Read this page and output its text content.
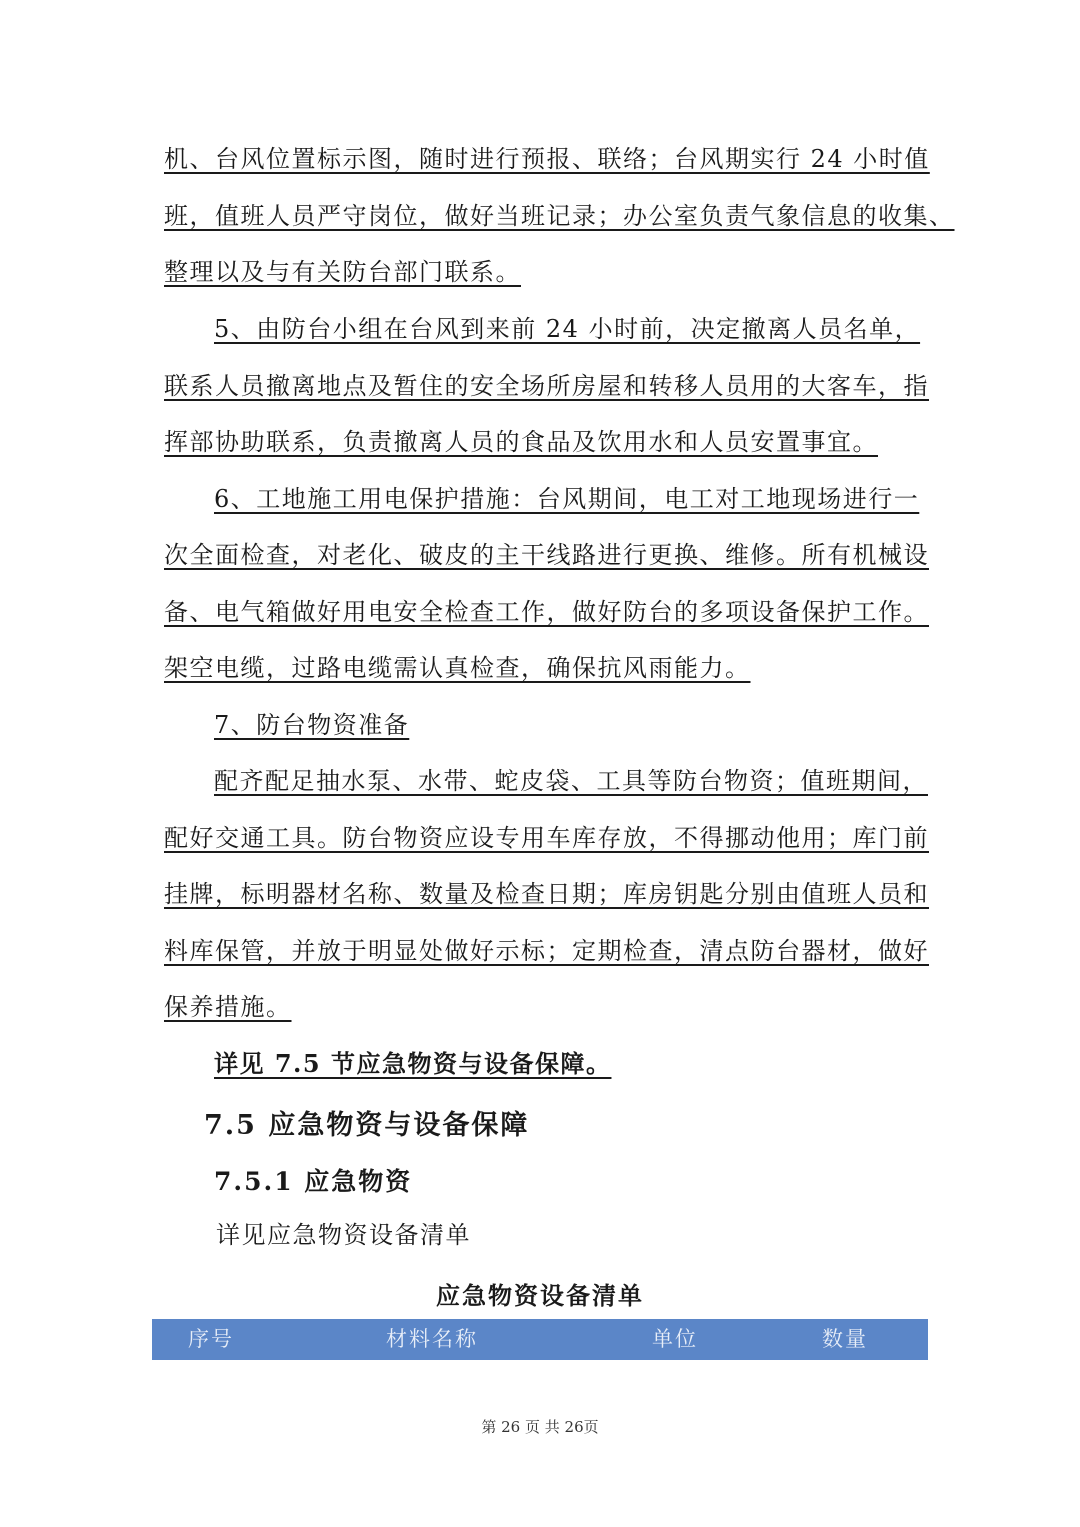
机、台风位置标示图，随时进行预报、联络；台风期实行 24 小时值
班，值班人员严守岗位，做好当班记录；办公室负责气象信息的收集、
整理以及与有关防台部门联系。
5、由防台小组在台风到来前 24 小时前，决定撤离人员名单，
联系人员撤离地点及暂住的安全场所房屋和转移人员用的大客车，指
挥部协助联系，负责撤离人员的食品及饮用水和人员安置事宜。
6、工地施工用电保护措施：台风期间，电工对工地现场进行一
次全面检查，对老化、破皮的主干线路进行更换、维修。所有机械设
备、电气箱做好用电安全检查工作，做好防台的多项设备保护工作。
架空电缆，过路电缆需认真检查，确保抗风雨能力。
7、防台物资准备
配齐配足抽水泵、水带、蛇皮袋、工具等防台物资；值班期间，
配好交通工具。防台物资应设专用车库存放，不得挪动他用；库门前
挂牌，标明器材名称、数量及检查日期；库房钥匙分别由值班人员和
料库保管，并放于明显处做好示标；定期检查，清点防台器材，做好
保养措施。
详见 7.5 节应急物资与设备保障。
7.5 应急物资与设备保障
7.5.1 应急物资
详见应急物资设备清单
应急物资设备清单
序号	材料名称	单位	数量
第 26 页 共 26页
